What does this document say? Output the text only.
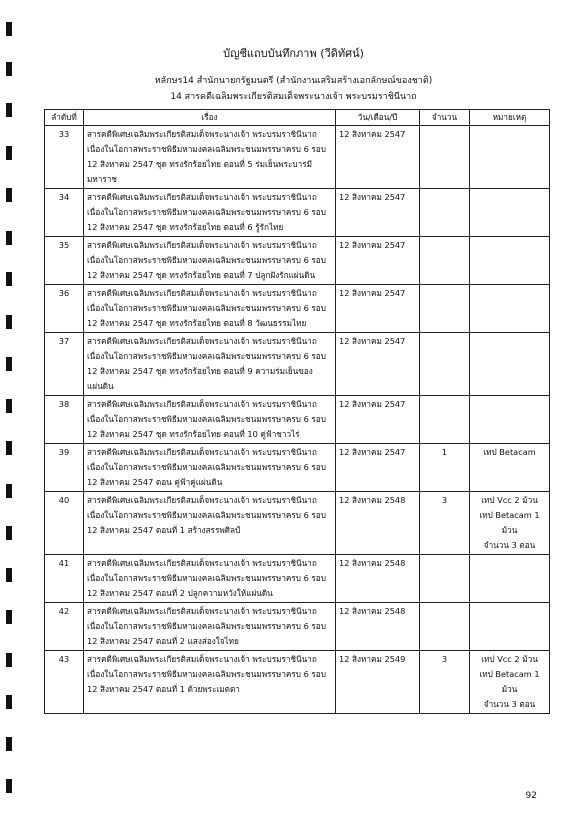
บัญชีแถบบันทึกภาพ (วีดิทัศน์)
หลักษร14 สำนักนายกรัฐมนตรี (สำนักงานเสริมสร้างเอกลักษณ์ของชาติ)
14 สารคดีเฉลิมพระเกียรติสมเด็จพระนางเจ้า พระบรมราชินีนาถ
ลำดับที่	เรื่อง	วัน/เดือน/ปี	จำนวน	หมายเหตุ
33	สารคดีพิเศษเฉลิมพระเกียรติสมเด็จพระนางเจ้า พระบรมราชินีนาถ
เนื่องในโอกาสพระราชพิธีมหามงคลเฉลิมพระชนมพรรษาครบ 6 รอบ
12 สิงหาคม 2547 ชุด ทรงรักร้อยไทย ตอนที่ 5 ร่มเย็นพระบารมี
มหาราช	12 สิงหาคม 2547		
34	สารคดีพิเศษเฉลิมพระเกียรติสมเด็จพระนางเจ้า พระบรมราชินีนาถ
เนื่องในโอกาสพระราชพิธีมหามงคลเฉลิมพระชนมพรรษาครบ 6 รอบ
12 สิงหาคม 2547 ชุด ทรงรักร้อยไทย ตอนที่ 6 รู้รักไทย	12 สิงหาคม 2547		
35	สารคดีพิเศษเฉลิมพระเกียรติสมเด็จพระนางเจ้า พระบรมราชินีนาถ
เนื่องในโอกาสพระราชพิธีมหามงคลเฉลิมพระชนมพรรษาครบ 6 รอบ
12 สิงหาคม 2547 ชุด ทรงรักร้อยไทย ตอนที่ 7 ปลูกฝังรักแผ่นดิน	12 สิงหาคม 2547		
36	สารคดีพิเศษเฉลิมพระเกียรติสมเด็จพระนางเจ้า พระบรมราชินีนาถ
เนื่องในโอกาสพระราชพิธีมหามงคลเฉลิมพระชนมพรรษาครบ 6 รอบ
12 สิงหาคม 2547 ชุด ทรงรักร้อยไทย ตอนที่ 8 วัฒนธรรมไทย	12 สิงหาคม 2547		
37	สารคดีพิเศษเฉลิมพระเกียรติสมเด็จพระนางเจ้า พระบรมราชินีนาถ
เนื่องในโอกาสพระราชพิธีมหามงคลเฉลิมพระชนมพรรษาครบ 6 รอบ
12 สิงหาคม 2547 ชุด ทรงรักร้อยไทย ตอนที่ 9 ความร่มเย็นของ
แผ่นดิน	12 สิงหาคม 2547		
38	สารคดีพิเศษเฉลิมพระเกียรติสมเด็จพระนางเจ้า พระบรมราชินีนาถ
เนื่องในโอกาสพระราชพิธีมหามงคลเฉลิมพระชนมพรรษาครบ 6 รอบ
12 สิงหาคม 2547 ชุด ทรงรักร้อยไทย ตอนที่ 10 คู่ฟ้าชาวไร่	12 สิงหาคม 2547		
39	สารคดีพิเศษเฉลิมพระเกียรติสมเด็จพระนางเจ้า พระบรมราชินีนาถ
เนื่องในโอกาสพระราชพิธีมหามงคลเฉลิมพระชนมพรรษาครบ 6 รอบ
12 สิงหาคม 2547 ตอน คู่ฟ้าคู่แผ่นดิน	12 สิงหาคม 2547	1	เทป Betacam
40	สารคดีพิเศษเฉลิมพระเกียรติสมเด็จพระนางเจ้า พระบรมราชินีนาถ
เนื่องในโอกาสพระราชพิธีมหามงคลเฉลิมพระชนมพรรษาครบ 6 รอบ
12 สิงหาคม 2547 ตอนที่ 1 สร้างสรรพศิลป์	12 สิงหาคม 2548	3	เทป Vcc 2 ม้วน
เทป Betacam 1 ม้วน
จำนวน 3 ตอน
41	สารคดีพิเศษเฉลิมพระเกียรติสมเด็จพระนางเจ้า พระบรมราชินีนาถ
เนื่องในโอกาสพระราชพิธีมหามงคลเฉลิมพระชนมพรรษาครบ 6 รอบ
12 สิงหาคม 2547 ตอนที่ 2 ปลูกความหวังให้แผ่นดิน	12 สิงหาคม 2548		
42	สารคดีพิเศษเฉลิมพระเกียรติสมเด็จพระนางเจ้า พระบรมราชินีนาถ
เนื่องในโอกาสพระราชพิธีมหามงคลเฉลิมพระชนมพรรษาครบ 6 รอบ
12 สิงหาคม 2547 ตอนที่ 2 แสงส่องใจไทย	12 สิงหาคม 2548		
43	สารคดีพิเศษเฉลิมพระเกียรติสมเด็จพระนางเจ้า พระบรมราชินีนาถ
เนื่องในโอกาสพระราชพิธีมหามงคลเฉลิมพระชนมพรรษาครบ 6 รอบ
12 สิงหาคม 2547 ตอนที่ 1 ด้วยพระเมตตา	12 สิงหาคม 2549	3	เทป Vcc 2 ม้วน
เทป Betacam 1 ม้วน
จำนวน 3 ตอน
92
